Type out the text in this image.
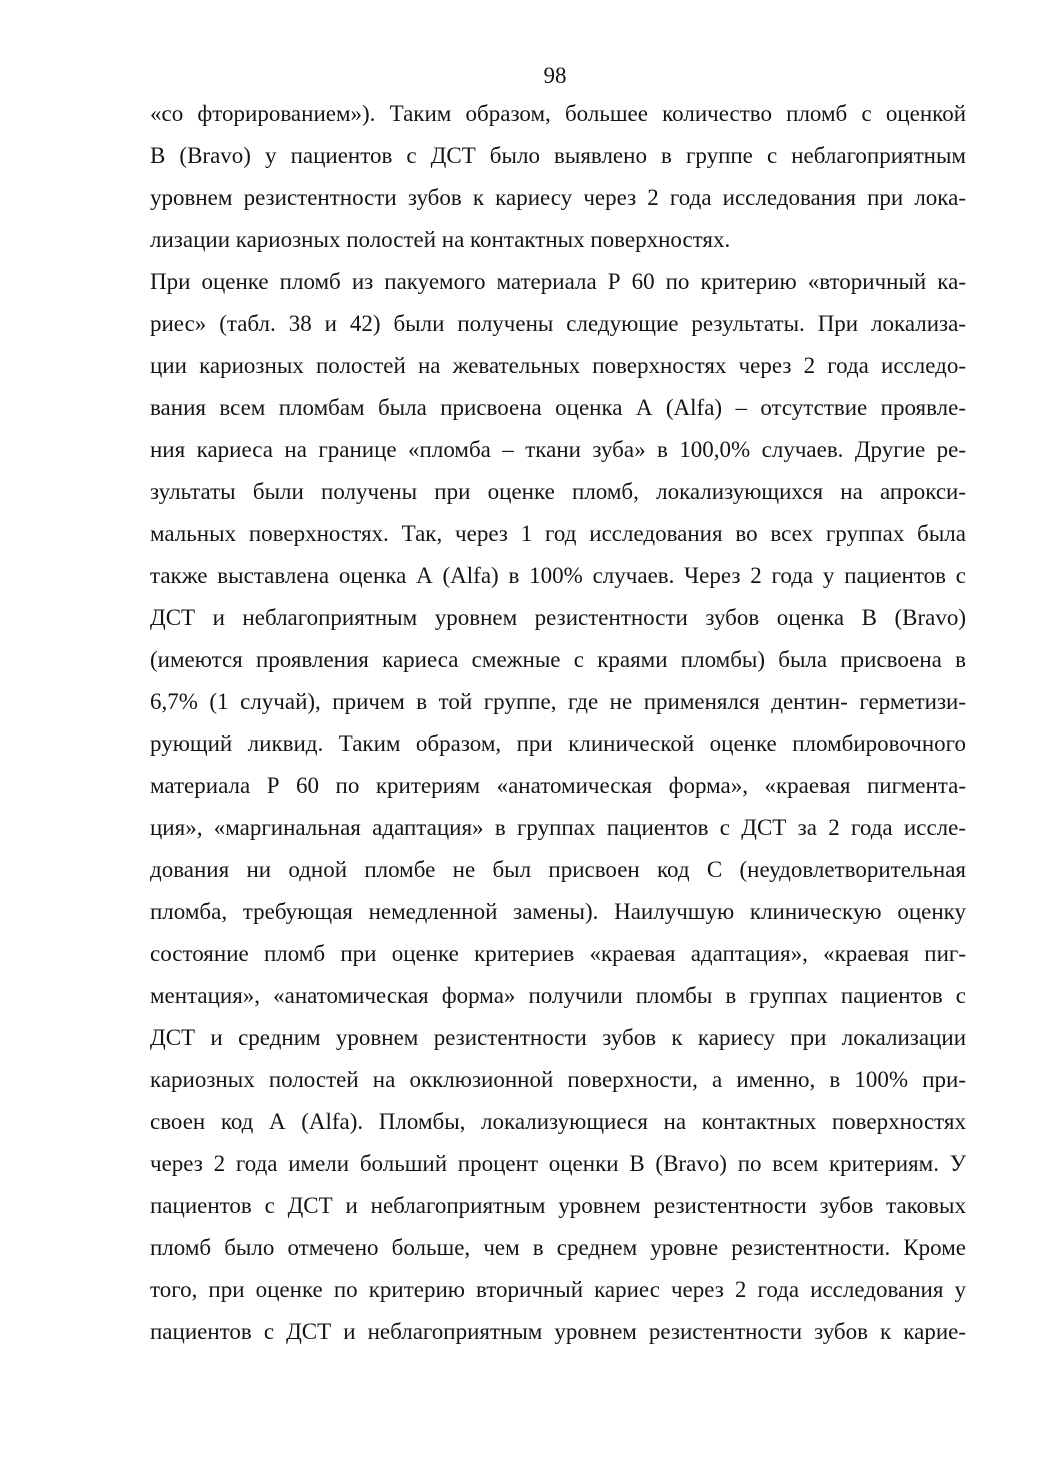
98
«со фторированием»). Таким образом, большее количество пломб с оценкой
В (Bravo) у пациентов с ДСТ было выявлено в группе с неблагоприятным
уровнем резистентности зубов к кариесу через 2 года исследования при лока-
лизации кариозных полостей на контактных поверхностях.
При оценке пломб из пакуемого материала Р 60 по критерию «вторичный ка-
риес» (табл. 38 и 42) были получены следующие результаты. При локализа-
ции кариозных полостей на жевательных поверхностях через 2 года исследо-
вания всем пломбам была присвоена оценка А (Alfa) – отсутствие проявле-
ния кариеса на границе «пломба – ткани зуба» в 100,0% случаев. Другие ре-
зультаты были получены при оценке пломб, локализующихся на апрокси-
мальных поверхностях. Так, через 1 год исследования во всех группах была
также выставлена оценка А (Alfa) в 100% случаев. Через 2 года у пациентов с
ДСТ и неблагоприятным уровнем резистентности зубов оценка В (Bravo)
(имеются проявления кариеса смежные с краями пломбы) была присвоена в
6,7% (1 случай), причем в той группе, где не применялся дентин- герметизи-
рующий ликвид. Таким образом, при клинической оценке пломбировочного
материала Р 60 по критериям «анатомическая форма», «краевая пигмента-
ция», «маргинальная адаптация» в группах пациентов с ДСТ за 2 года иссле-
дования ни одной пломбе не был присвоен код С (неудовлетворительная
пломба, требующая немедленной замены). Наилучшую клиническую оценку
состояние пломб при оценке критериев «краевая адаптация», «краевая пиг-
ментация», «анатомическая форма» получили пломбы в группах пациентов с
ДСТ и средним уровнем резистентности зубов к кариесу при локализации
кариозных полостей на окклюзионной поверхности, а именно, в 100% при-
своен код А (Alfa). Пломбы, локализующиеся на контактных поверхностях
через 2 года имели больший процент оценки В (Bravo) по всем критериям. У
пациентов с ДСТ и неблагоприятным уровнем резистентности зубов таковых
пломб было отмечено больше, чем в среднем уровне резистентности. Кроме
того, при оценке по критерию вторичный кариес через 2 года исследования у
пациентов с ДСТ и неблагоприятным уровнем резистентности зубов к карие-
